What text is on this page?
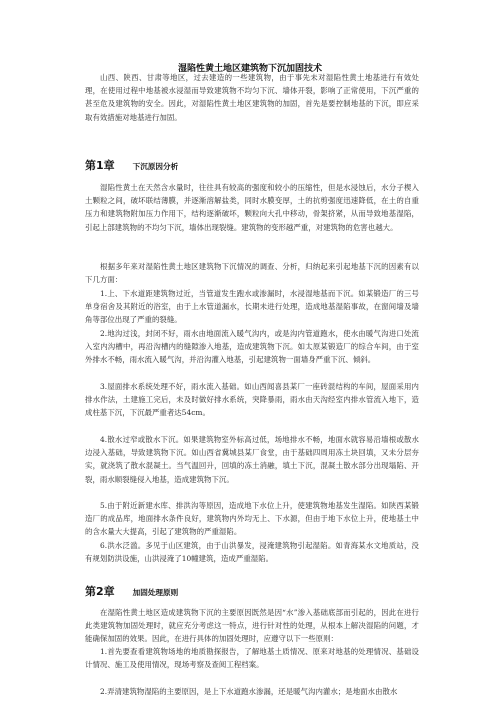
湿陷性黄土地区建筑物下沉加固技术
山西、陕西、甘肃等地区，过去建造的一些建筑物，由于事先未对湿陷性黄土地基进行有效处理，在使用过程中地基被水浸湿而导致建筑物不均匀下沉、墙体开裂，影响了正常使用，下沉严重的甚至危及建筑物的安全。因此，对湿陷性黄土地区建筑物的加固，首先是要控制地基的下沉，即应采取有效措施对地基进行加固。
第1章 下沉原因分析
湿陷性黄土在天然含水量时，往往具有较高的强度和较小的压缩性，但是水浸蚀后，水分子楔入土颗粒之间，破坏联结薄膜，并逐渐溶解盐类，同时水膜变厚，土的抗剪强度迅速降低，在土的自重压力和建筑物附加压力作用下，结构逐渐破坏，颗粒向大孔中移动，骨架挤紧，从而导致地基湿陷，引起上部建筑物的不均匀下沉，墙体出现裂缝。建筑物的变形越严重，对建筑物的危害也越大。
根据多年来对湿陷性黄土地区建筑物下沉情况的调查、分析，归纳起来引起地基下沉的因素有以下几方面：
1.上、下水道距建筑物过近，当管道发生跑水或渗漏时，水浸湿地基而下沉。如某锻造厂的三号单身宿舍及其附近的浴室，由于上水管道漏水，长期未进行处理，造成地基湿陷事故，在窗间墙及墙角等部位出现了严重的裂缝。
2.地沟过浅，封闭不好，雨水由地面流入暖气沟内，或是沟内管道跑水，使水由暖气沟进口处流入室内沟槽中，再沿沟槽内的缝隙渗入地基，造成建筑物下沉。如太原某锻造厂的综合车间，由于室外排水不畅，雨水流入暖气沟，并沿沟灌入地基，引起建筑物一面墙身严重下沉、倾斜。
3.屋面排水系统处理不好，雨水流入基础。如山西闻喜县某厂一座砖混结构的车间，屋面采用内排水作法，土建施工完后，未及时做好排水系统，突降暴雨，雨水由天沟经室内排水管流入地下，造成柱基下沉，下沉最严重者达54cm。
4.散水过窄或散水下沉。如果建筑物室外标高过低，场地排水不畅，地面水就容易沿墙根或散水边浸入基础，导致建筑物下沉。如山西省冀城县某厂食堂，由于基础四周用冻土块回填，又未分层夯实，就浇筑了散水混凝土。当气温回升，回填的冻土消融，填土下沉，混凝土散水部分出现塌陷、开裂，雨水顺裂缝侵入地基，造成建筑物下沉。
5.由于附近新建水库、排洪沟等原因，造成地下水位上升，使建筑物地基发生湿陷。如陕西某锻造厂的成品库，地面排水条件良好，建筑物内外均无上、下水源，但由于地下水位上升，使地基土中的含水量大大提高，引起了建筑物的严重湿陷。
6.洪水泛滥。多见于山区建筑，由于山洪暴发，浸淹建筑物引起湿陷。如青海某水文地质站，没有规划防洪设施，山洪浸淹了10幢建筑，造成严重湿陷。
第2章 加固处理原则
在湿陷性黄土地区造成建筑物下沉的主要原因既然是因“水”渗入基础底部而引起的，因此在进行此类建筑物加固处理时，就应充分考虑这一特点，进行针对性的处理，从根本上解决湿陷的问题，才能确保加固的效果。因此，在进行具体的加固处理时，应遵守以下一些原则：
1.首先要查看建筑物场地的地质勘探报告，了解地基土质情况、原来对地基的处理情况、基础设计情况、施工及使用情况，现场考察及查阅工程档案。
2.弄清建筑物湿陷的主要原因，是上下水道跑水渗漏，还是暖气沟内灌水；是地面水由散水
